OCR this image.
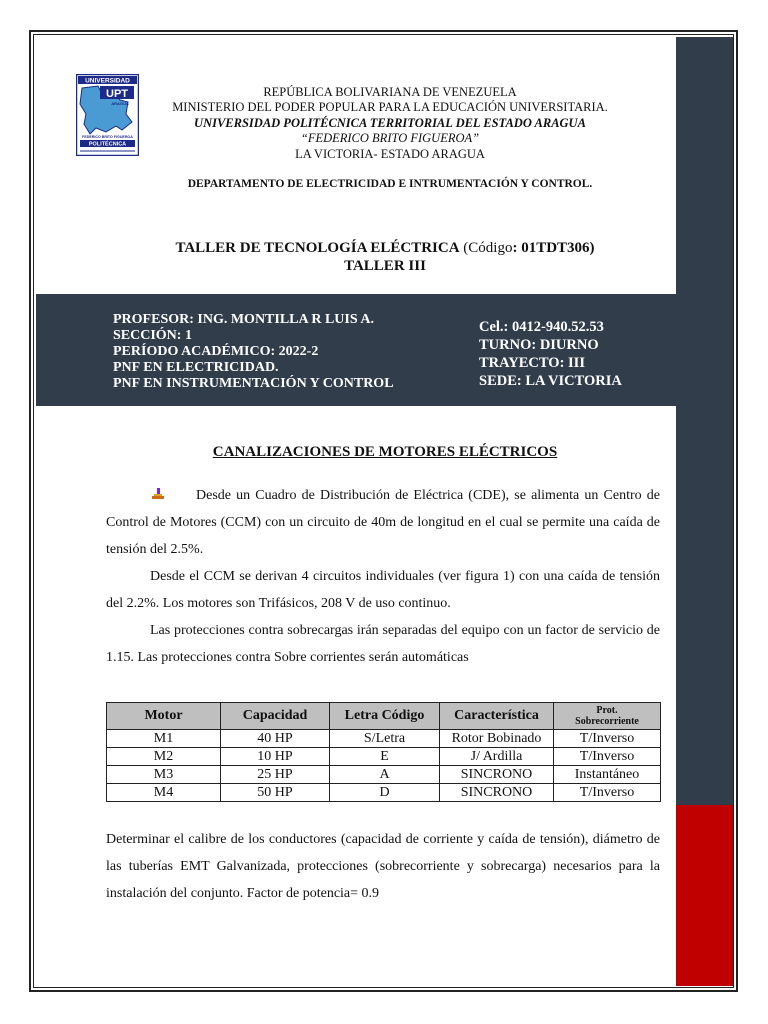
UNIVERSIDAD
UPT
ARAGUA
FEDERICO BRITO FIGUEROA
POLITÉCNICA
REPÚBLICA BOLIVARIANA DE VENEZUELA
MINISTERIO DEL PODER POPULAR PARA LA EDUCACIÓN UNIVERSITARIA.
UNIVERSIDAD POLITÉCNICA TERRITORIAL DEL ESTADO ARAGUA
“FEDERICO BRITO FIGUEROA”
LA VICTORIA- ESTADO ARAGUA
DEPARTAMENTO DE ELECTRICIDAD E INTRUMENTACIÓN Y CONTROL.
TALLER DE TECNOLOGÍA ELÉCTRICA (Código: 01TDT306)
TALLER III
PROFESOR: ING. MONTILLA R LUIS A.
SECCIÓN: 1
PERÍODO ACADÉMICO: 2022-2
PNF EN ELECTRICIDAD.
PNF EN INSTRUMENTACIÓN Y CONTROL
Cel.: 0412-940.52.53
TURNO: DIURNO
TRAYECTO: III
SEDE: LA VICTORIA
CANALIZACIONES DE MOTORES ELÉCTRICOS
Desde un Cuadro de Distribución de Eléctrica (CDE), se alimenta un Centro de Control de Motores (CCM) con un circuito de 40m de longitud en el cual se permite una caída de tensión del 2.5%.
Desde el CCM se derivan 4 circuitos individuales (ver figura 1) con una caída de tensión del 2.2%. Los motores son Trifásicos, 208 V de uso continuo.
Las protecciones contra sobrecargas irán separadas del equipo con un factor de servicio de 1.15. Las protecciones contra Sobre corrientes serán automáticas
Motor	Capacidad	Letra Código	Característica	Prot.
Sobrecorriente
M1	40 HP	S/Letra	Rotor Bobinado	T/Inverso
M2	10 HP	E	J/ Ardilla	T/Inverso
M3	25 HP	A	SINCRONO	Instantáneo
M4	50 HP	D	SINCRONO	T/Inverso
Determinar el calibre de los conductores (capacidad de corriente y caída de tensión), diámetro de las tuberías EMT Galvanizada, protecciones (sobrecorriente y sobrecarga) necesarios para la instalación del conjunto. Factor de potencia= 0.9
